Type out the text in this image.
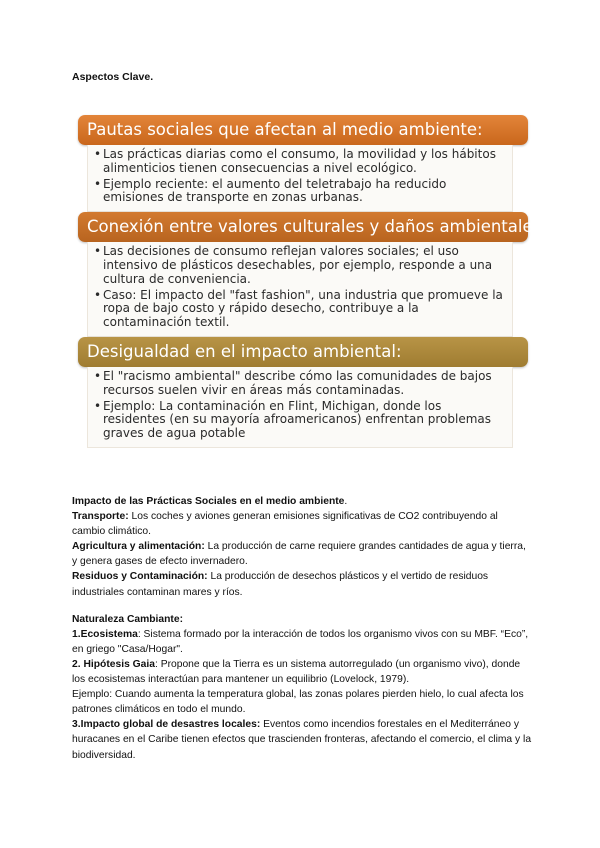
Aspectos Clave.
Pautas sociales que afectan al medio ambiente:
• Las prácticas diarias como el consumo, la movilidad y los hábitos alimenticios tienen consecuencias a nivel ecológico.
• Ejemplo reciente: el aumento del teletrabajo ha reducido emisiones de transporte en zonas urbanas.
Conexión entre valores culturales y daños ambientales:
• Las decisiones de consumo reflejan valores sociales; el uso intensivo de plásticos desechables, por ejemplo, responde a una cultura de conveniencia.
• Caso: El impacto del "fast fashion", una industria que promueve la ropa de bajo costo y rápido desecho, contribuye a la contaminación textil.
Desigualdad en el impacto ambiental:
• El "racismo ambiental" describe cómo las comunidades de bajos recursos suelen vivir en áreas más contaminadas.
• Ejemplo: La contaminación en Flint, Michigan, donde los residentes (en su mayoría afroamericanos) enfrentan problemas graves de agua potable

Impacto de las Prácticas Sociales en el medio ambiente.

Transporte: Los coches y aviones generan emisiones significativas de CO2 contribuyendo al cambio climático.

Agricultura y alimentación: La producción de carne requiere grandes cantidades de agua y tierra, y genera gases de efecto invernadero.

Residuos y Contaminación: La producción de desechos plásticos y el vertido de residuos industriales contaminan mares y ríos.

Naturaleza Cambiante:

1.Ecosistema: Sistema formado por la interacción de todos los organismo vivos con su MBF. “Eco”, en griego "Casa/Hogar".

2. Hipótesis Gaia: Propone que la Tierra es un sistema autorregulado (un organismo vivo), donde los ecosistemas interactúan para mantener un equilibrio (Lovelock, 1979).

Ejemplo: Cuando aumenta la temperatura global, las zonas polares pierden hielo, lo cual afecta los patrones climáticos en todo el mundo.

3.Impacto global de desastres locales: Eventos como incendios forestales en el Mediterráneo y huracanes en el Caribe tienen efectos que trascienden fronteras, afectando el comercio, el clima y la biodiversidad.
